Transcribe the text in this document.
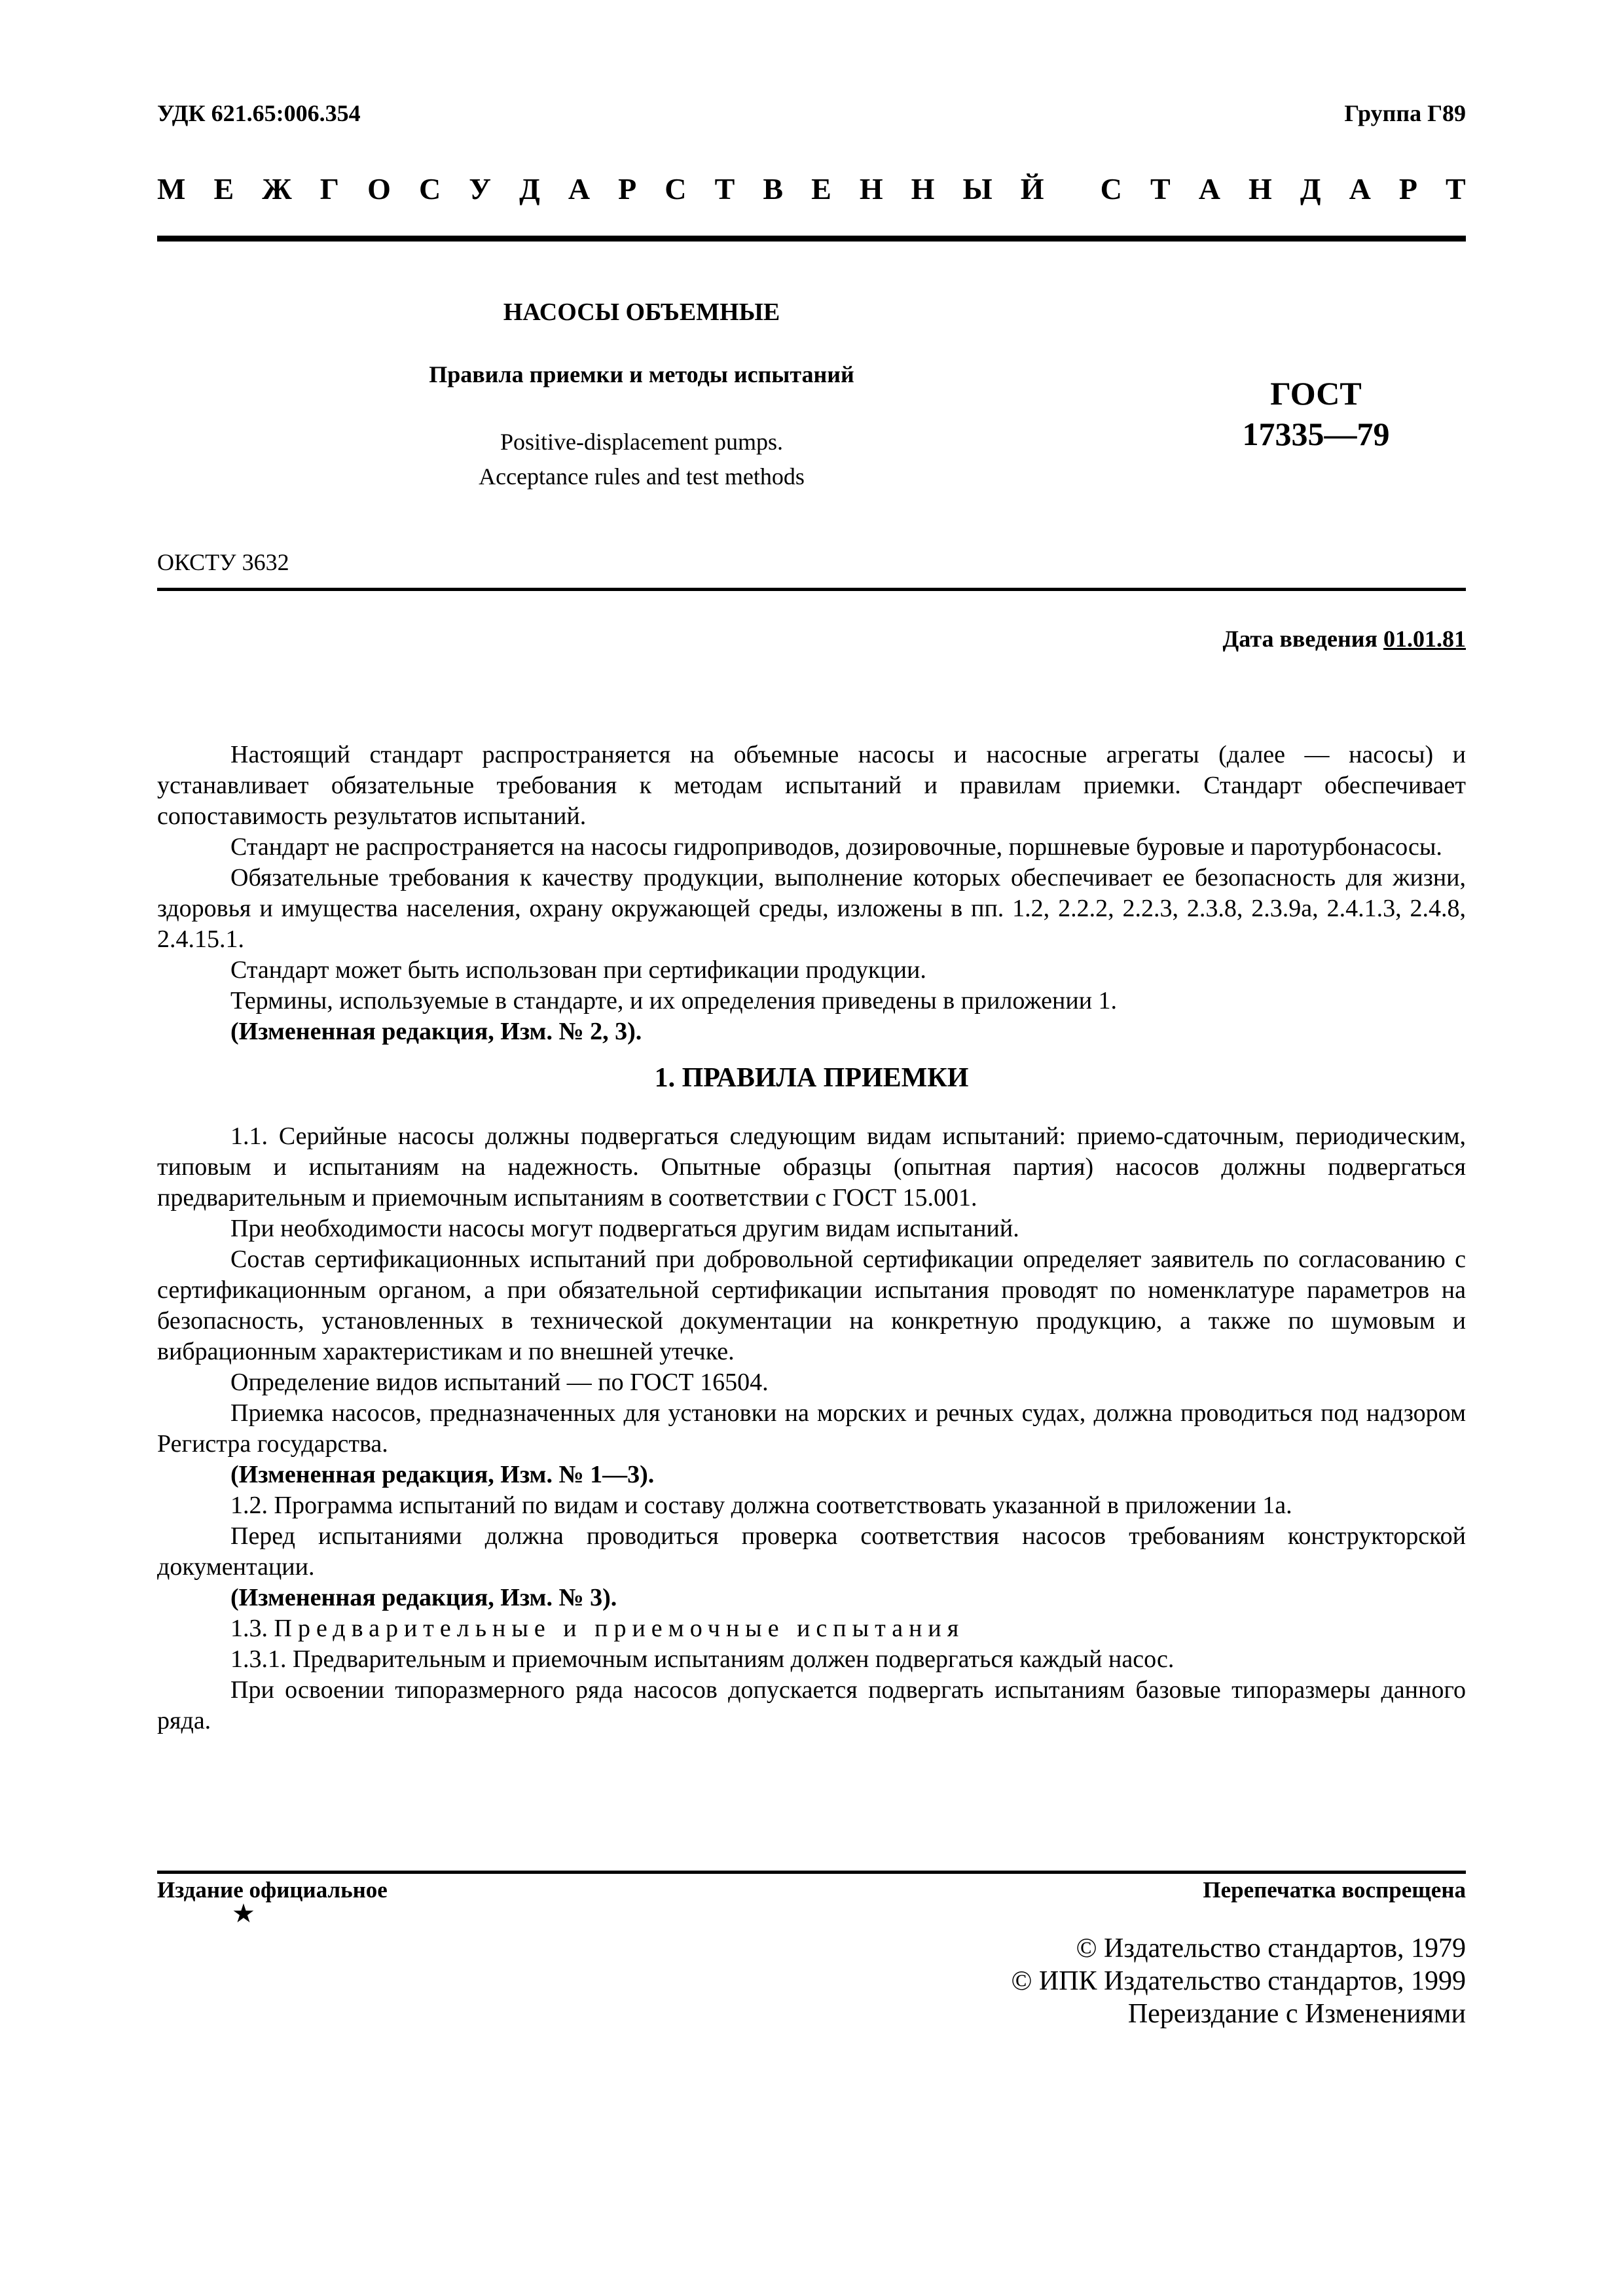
УДК 621.65:006.354	Группа Г89
М Е Ж Г О С У Д А Р С Т В Е Н Н Ы Й С Т А Н Д А Р Т
НАСОСЫ ОБЪЕМНЫЕ
Правила приемки и методы испытаний
Positive-displacement pumps.
Acceptance rules and test methods
ГОСТ
17335—79
ОКСТУ 3632
Дата введения 01.01.81

Настоящий стандарт распространяется на объемные насосы и насосные агрегаты (далее — насосы) и устанавливает обязательные требования к методам испытаний и правилам приемки. Стандарт обеспечивает сопоставимость результатов испытаний.

Стандарт не распространяется на насосы гидроприводов, дозировочные, поршневые буровые и паротурбонасосы.

Обязательные требования к качеству продукции, выполнение которых обеспечивает ее безопасность для жизни, здоровья и имущества населения, охрану окружающей среды, изложены в пп. 1.2, 2.2.2, 2.2.3, 2.3.8, 2.3.9а, 2.4.1.3, 2.4.8, 2.4.15.1.

Стандарт может быть использован при сертификации продукции.

Термины, используемые в стандарте, и их определения приведены в приложении 1.

(Измененная редакция, Изм. № 2, 3).

1. ПРАВИЛА ПРИЕМКИ

1.1. Серийные насосы должны подвергаться следующим видам испытаний: приемо-сдаточным, периодическим, типовым и испытаниям на надежность. Опытные образцы (опытная партия) насосов должны подвергаться предварительным и приемочным испытаниям в соответствии с ГОСТ 15.001.

При необходимости насосы могут подвергаться другим видам испытаний.

Состав сертификационных испытаний при добровольной сертификации определяет заявитель по согласованию с сертификационным органом, а при обязательной сертификации испытания проводят по номенклатуре параметров на безопасность, установленных в технической документации на конкретную продукцию, а также по шумовым и вибрационным характеристикам и по внешней утечке.

Определение видов испытаний — по ГОСТ 16504.

Приемка насосов, предназначенных для установки на морских и речных судах, должна проводиться под надзором Регистра государства.

(Измененная редакция, Изм. № 1—3).

1.2. Программа испытаний по видам и составу должна соответствовать указанной в приложении 1а.

Перед испытаниями должна проводиться проверка соответствия насосов требованиям конструкторской документации.

(Измененная редакция, Изм. № 3).

1.3. Предварительные и приемочные испытания

1.3.1. Предварительным и приемочным испытаниям должен подвергаться каждый насос.

При освоении типоразмерного ряда насосов допускается подвергать испытаниям базовые типоразмеры данного ряда.

Издание официальное
★
Перепечатка воспрещена
© Издательство стандартов, 1979
© ИПК Издательство стандартов, 1999
Переиздание с Изменениями
